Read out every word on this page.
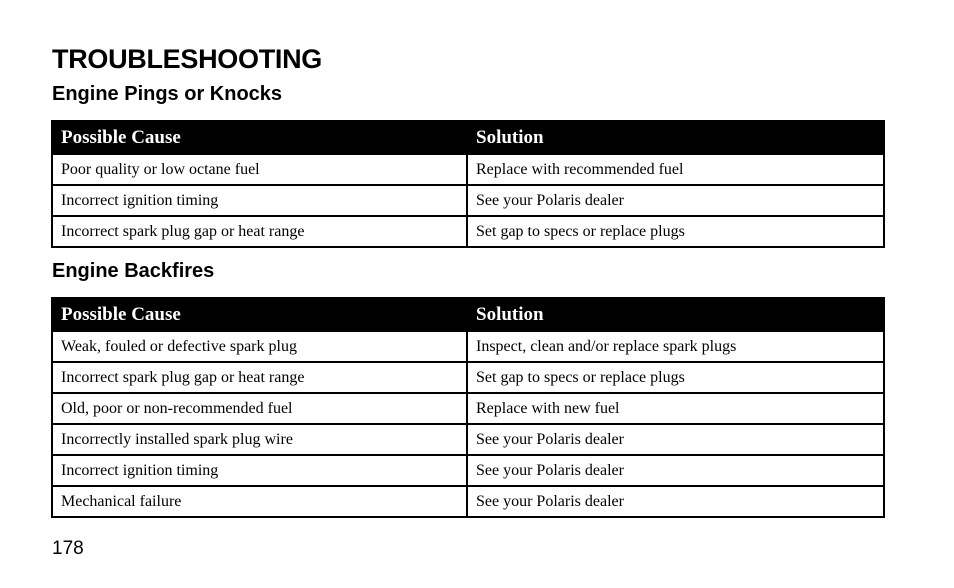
TROUBLESHOOTING
Engine Pings or Knocks
Possible Cause	Solution
Poor quality or low octane fuel	Replace with recommended fuel
Incorrect ignition timing	See your Polaris dealer
Incorrect spark plug gap or heat range	Set gap to specs or replace plugs
Engine Backfires
Possible Cause	Solution
Weak, fouled or defective spark plug	Inspect, clean and/or replace spark plugs
Incorrect spark plug gap or heat range	Set gap to specs or replace plugs
Old, poor or non-recommended fuel	Replace with new fuel
Incorrectly installed spark plug wire	See your Polaris dealer
Incorrect ignition timing	See your Polaris dealer
Mechanical failure	See your Polaris dealer
178
